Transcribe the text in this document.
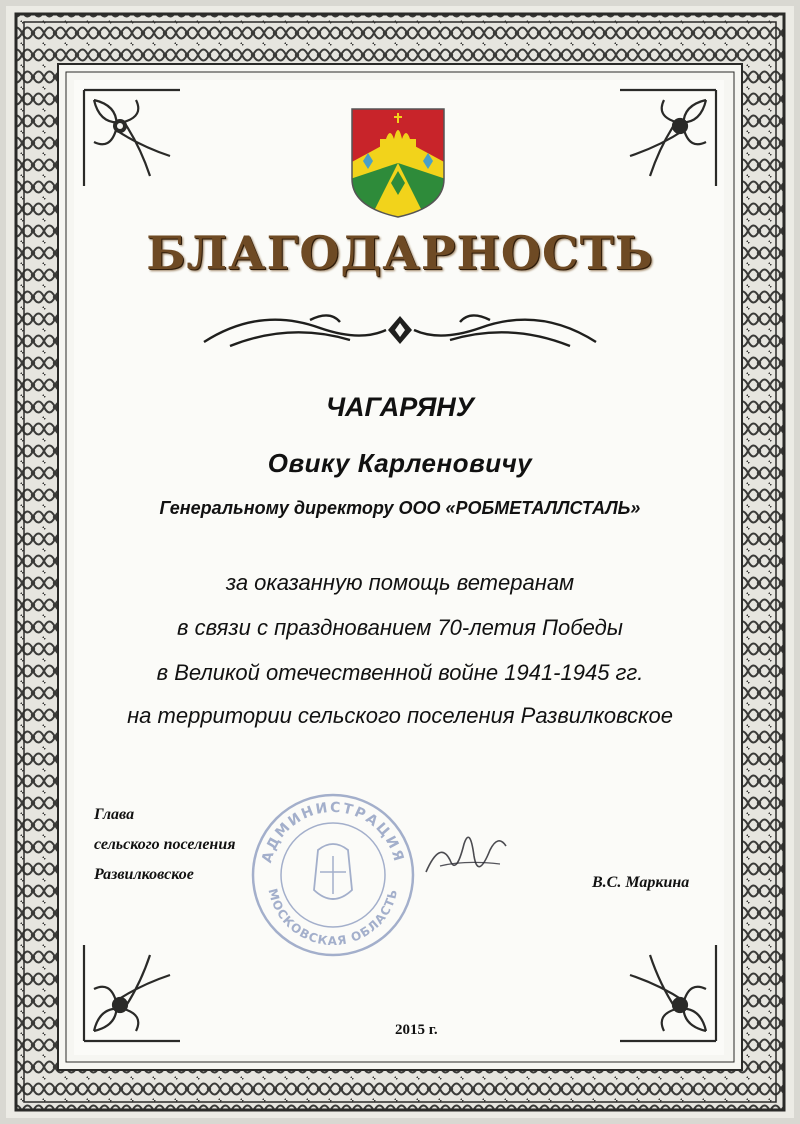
БЛАГОДАРНОСТЬ
ЧАГАРЯНУ
Овику Карленовичу
Генеральному директору ООО «РОБМЕТАЛЛСТАЛЬ»
за оказанную помощь ветеранам
в связи с празднованием 70-летия Победы
в Великой отечественной войне 1941-1945 гг.
на территории сельского поселения Развилковское
АДМИНИСТРАЦИЯ
МОСКОВСКАЯ ОБЛАСТЬ
Глава
сельского поселения
Развилковское	В.С. Маркина
2015 г.
